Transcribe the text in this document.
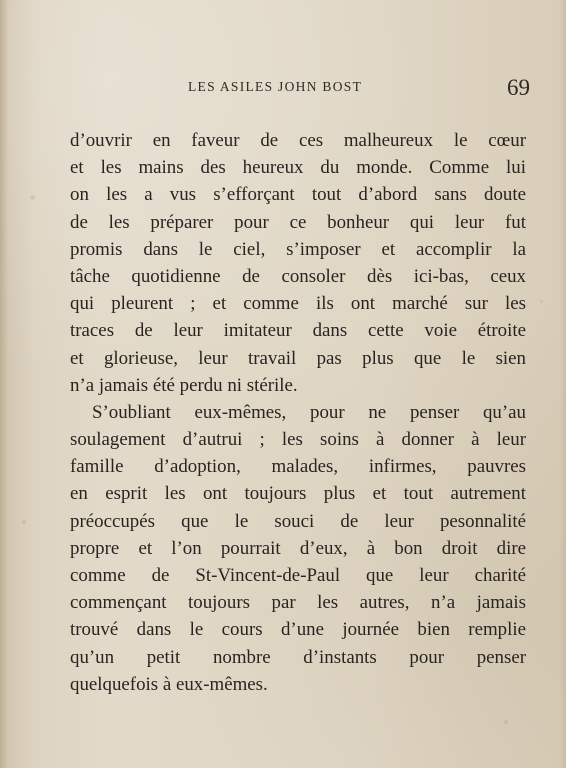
LES ASILES JOHN BOST	69
d’ouvrir en faveur de ces malheureux le cœur
et les mains des heureux du monde. Comme lui
on les a vus s’efforçant tout d’abord sans doute
de les préparer pour ce bonheur qui leur fut
promis dans le ciel, s’imposer et accomplir la
tâche quotidienne de consoler dès ici-bas, ceux
qui pleurent ; et comme ils ont marché sur les
traces de leur imitateur dans cette voie étroite
et glorieuse, leur travail pas plus que le sien
n’a jamais été perdu ni stérile.
S’oubliant eux-mêmes, pour ne penser qu’au
soulagement d’autrui ; les soins à donner à leur
famille d’adoption, malades, infirmes, pauvres
en esprit les ont toujours plus et tout autrement
préoccupés que le souci de leur pesonnalité
propre et l’on pourrait d’eux, à bon droit dire
comme de St-Vincent-de-Paul que leur charité
commençant toujours par les autres, n’a jamais
trouvé dans le cours d’une journée bien remplie
qu’un petit nombre d’instants pour penser
quelquefois à eux-mêmes.
